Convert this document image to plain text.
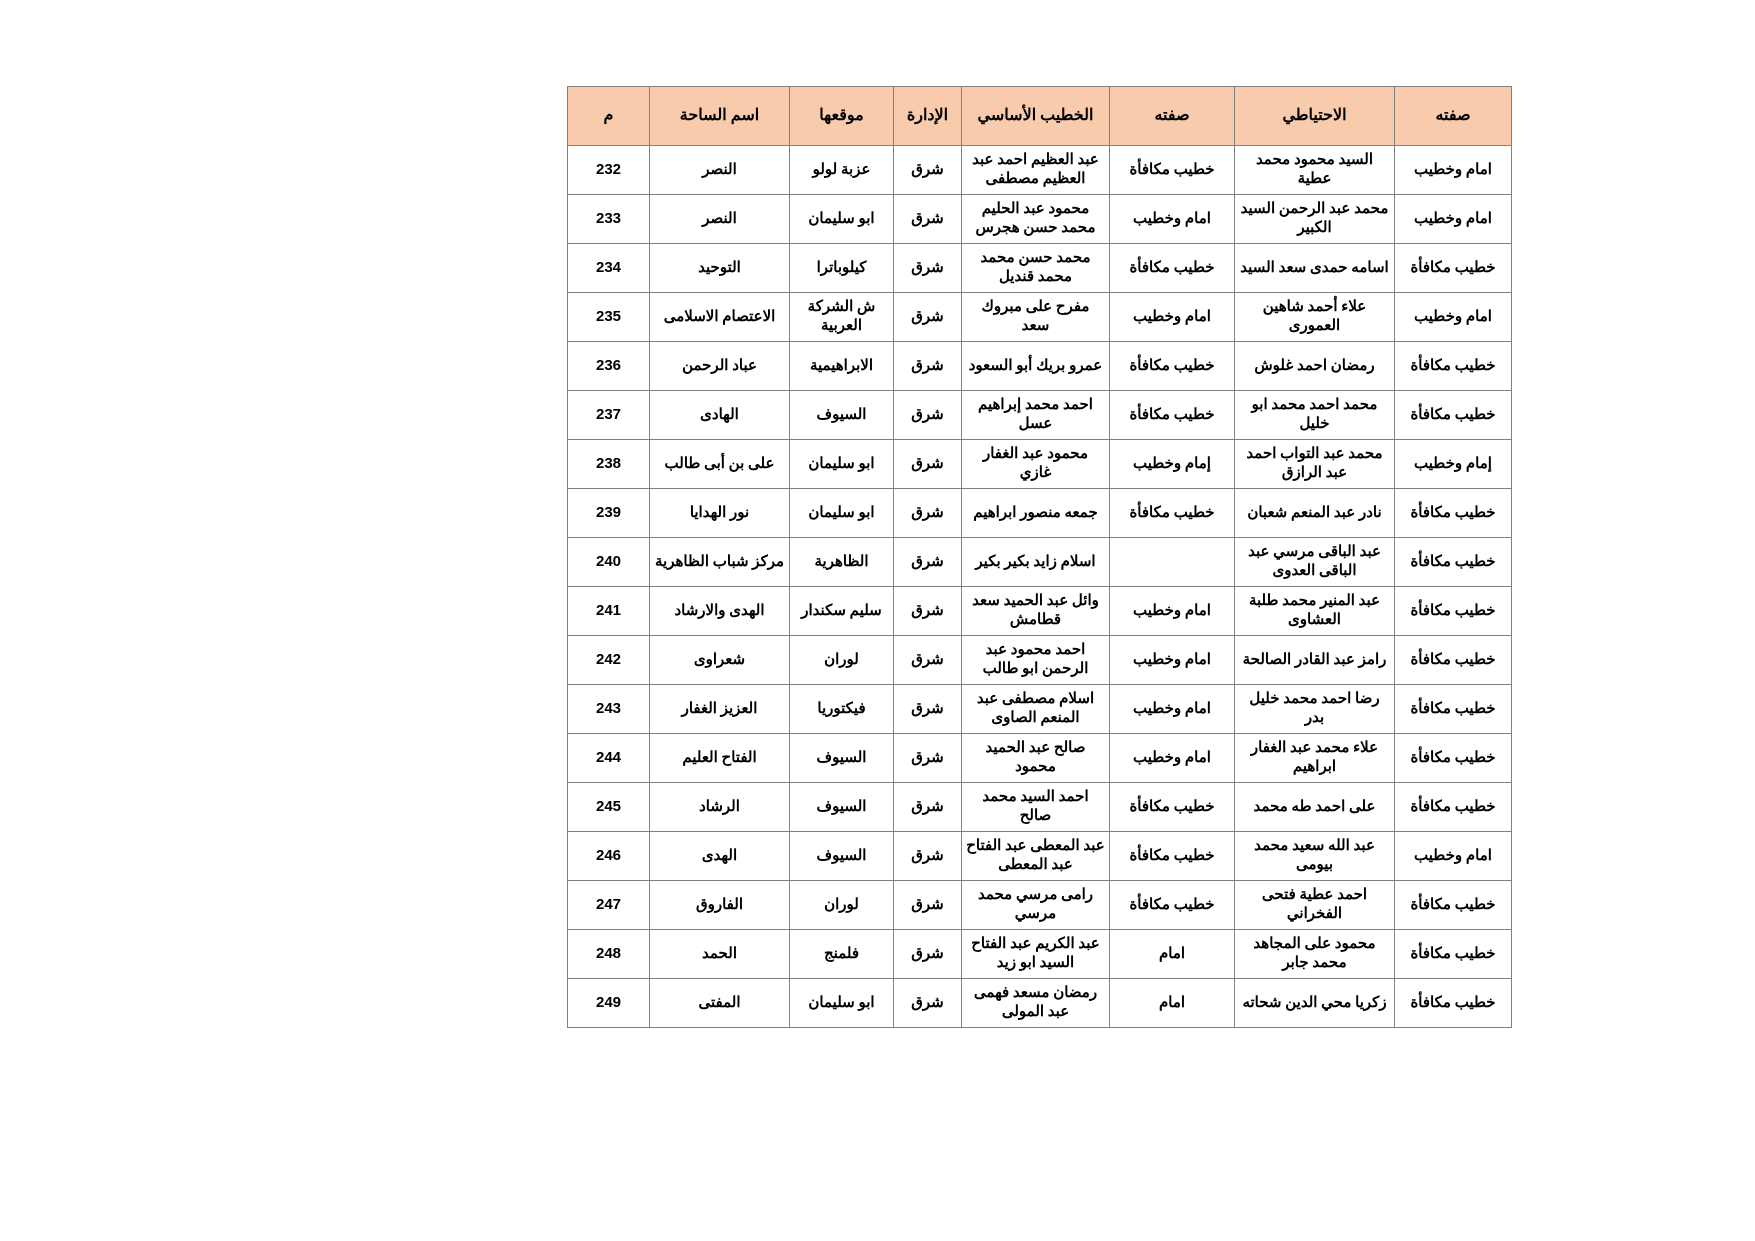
صفته	الاحتياطي	صفته	الخطيب الأساسي	الإدارة	موقعها	اسم الساحة	م
امام وخطيب	السيد محمود محمد عطية	خطيب مكافأة	عبد العظيم احمد عبد العظيم مصطفى	شرق	عزبة لولو	النصر	232
امام وخطيب	محمد عبد الرحمن السيد الكبير	امام وخطيب	محمود عبد الحليم محمد حسن هجرس	شرق	ابو سليمان	النصر	233
خطيب مكافأة	اسامه حمدى سعد السيد	خطيب مكافأة	محمد حسن محمد محمد قنديل	شرق	كيلوباترا	التوحيد	234
امام وخطيب	علاء أحمد شاهين العمورى	امام وخطيب	مفرح على مبروك سعد	شرق	ش الشركة العربية	الاعتصام الاسلامى	235
خطيب مكافأة	رمضان احمد غلوش	خطيب مكافأة	عمرو بريك أبو السعود	شرق	الابراهيمية	عباد الرحمن	236
خطيب مكافأة	محمد احمد محمد ابو خليل	خطيب مكافأة	احمد محمد إبراهيم عسل	شرق	السيوف	الهادى	237
إمام وخطيب	محمد عبد التواب احمد عبد الرازق	إمام وخطيب	محمود عبد الغفار غازي	شرق	ابو سليمان	على بن أبى طالب	238
خطيب مكافأة	نادر عبد المنعم شعبان	خطيب مكافأة	جمعه منصور ابراهيم	شرق	ابو سليمان	نور الهدايا	239
خطيب مكافأة	عبد الباقى مرسي عبد الباقى العدوى		اسلام زايد بكير بكير	شرق	الظاهرية	مركز شباب الظاهرية	240
خطيب مكافأة	عبد المنير محمد طلبة العشاوى	امام وخطيب	وائل عبد الحميد سعد قطامش	شرق	سليم سكندار	الهدى والارشاد	241
خطيب مكافأة	رامز عبد القادر الصالحة	امام وخطيب	احمد محمود عبد الرحمن ابو طالب	شرق	لوران	شعراوى	242
خطيب مكافأة	رضا احمد محمد خليل بدر	امام وخطيب	اسلام مصطفى عبد المنعم الصاوى	شرق	فيكتوريا	العزيز الغفار	243
خطيب مكافأة	علاء محمد عبد الغفار ابراهيم	امام وخطيب	صالح عبد الحميد محمود	شرق	السيوف	الفتاح العليم	244
خطيب مكافأة	على احمد طه محمد	خطيب مكافأة	احمد السيد محمد صالح	شرق	السيوف	الرشاد	245
امام وخطيب	عبد الله سعيد محمد بيومى	خطيب مكافأة	عبد المعطى عبد الفتاح عبد المعطى	شرق	السيوف	الهدى	246
خطيب مكافأة	احمد عطية فتحى الفخراني	خطيب مكافأة	رامى مرسي محمد مرسي	شرق	لوران	الفاروق	247
خطيب مكافأة	محمود على المجاهد محمد جابر	امام	عبد الكريم عبد الفتاح السيد ابو زيد	شرق	فلمنج	الحمد	248
خطيب مكافأة	زكريا محي الدين شحاته	امام	رمضان مسعد فهمى عبد المولى	شرق	ابو سليمان	المفتى	249
